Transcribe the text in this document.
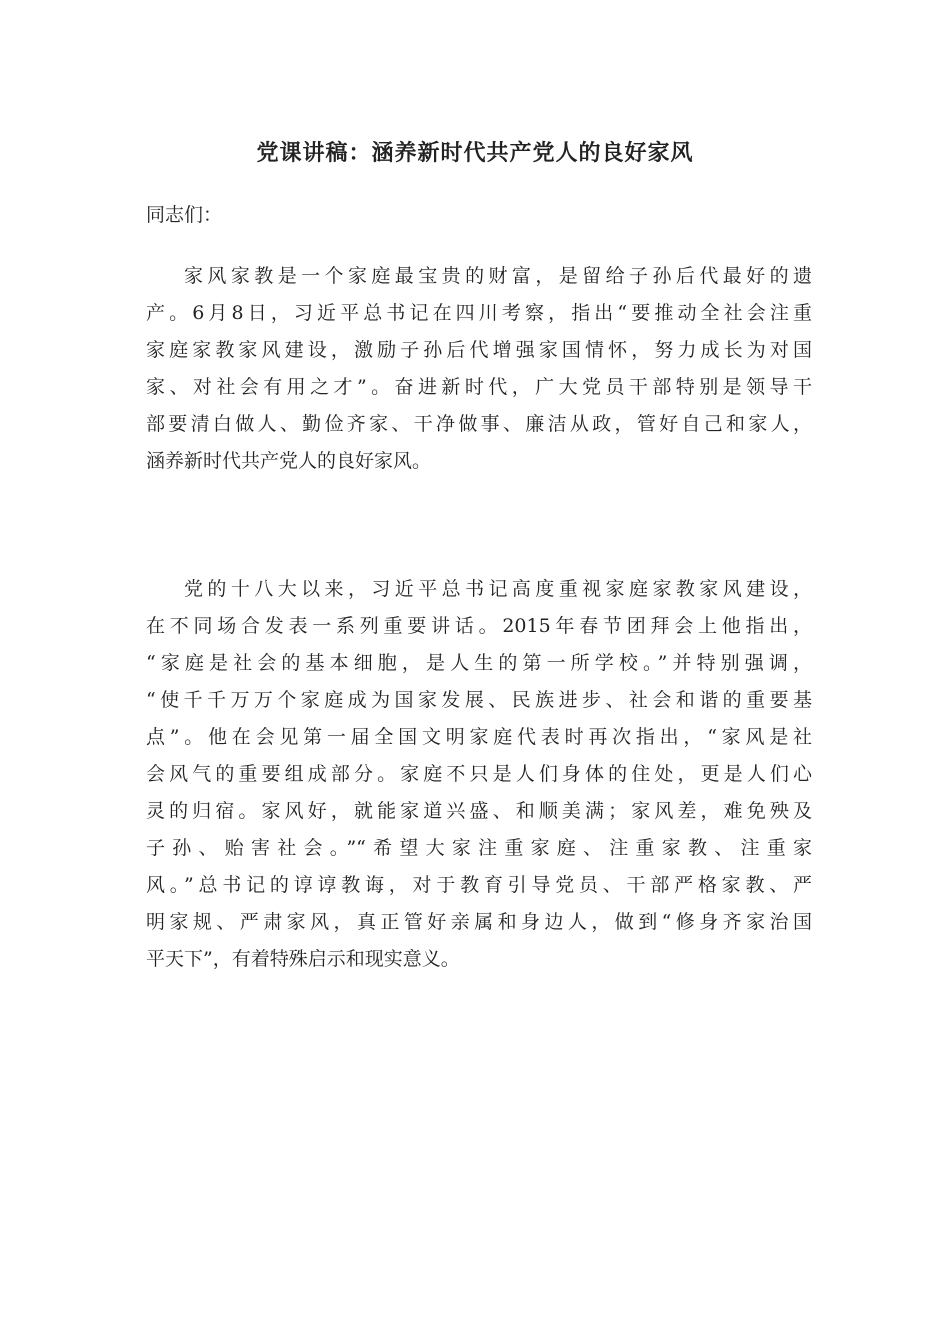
党课讲稿：涵养新时代共产党人的良好家风

同志们：

家风家教是一个家庭最宝贵的财富，是留给子孙后代最好的遗
产。6月8日，习近平总书记在四川考察，指出“要推动全社会注重
家庭家教家风建设，激励子孙后代增强家国情怀，努力成长为对国
家、对社会有用之才”。奋进新时代，广大党员干部特别是领导干
部要清白做人、勤俭齐家、干净做事、廉洁从政，管好自己和家人，
涵养新时代共产党人的良好家风。
党的十八大以来，习近平总书记高度重视家庭家教家风建设，
在不同场合发表一系列重要讲话。2015年春节团拜会上他指出，
“家庭是社会的基本细胞，是人生的第一所学校。”并特别强调，
“使千千万万个家庭成为国家发展、民族进步、社会和谐的重要基
点”。他在会见第一届全国文明家庭代表时再次指出，“家风是社
会风气的重要组成部分。家庭不只是人们身体的住处，更是人们心
灵的归宿。家风好，就能家道兴盛、和顺美满；家风差，难免殃及
子孙、贻害社会。”“希望大家注重家庭、注重家教、注重家
风。”总书记的谆谆教诲，对于教育引导党员、干部严格家教、严
明家规、严肃家风，真正管好亲属和身边人，做到“修身齐家治国
平天下”，有着特殊启示和现实意义。
